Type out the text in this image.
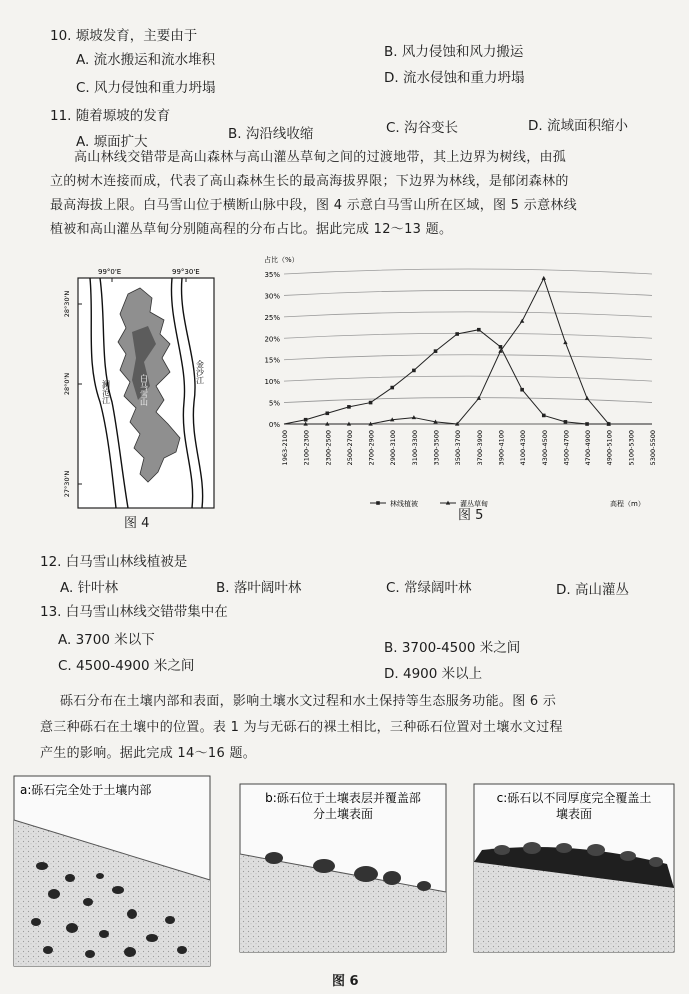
10. 塬坡发育，主要由于
A. 流水搬运和流水堆积	B. 风力侵蚀和风力搬运
C. 风力侵蚀和重力坍塌
D. 流水侵蚀和重力坍塌
11. 随着塬坡的发育
A. 塬面扩大	B. 沟沿线收缩	C. 沟谷变长	D. 流域面积缩小
高山林线交错带是高山森林与高山灌丛草甸之间的过渡地带，其上边界为树线，由孤
立的树木连接而成，代表了高山森林生长的最高海拔界限；下边界为林线，是郁闭森林的
最高海拔上限。白马雪山位于横断山脉中段，图 4 示意白马雪山所在区域，图 5 示意林线
植被和高山灌丛草甸分别随高程的分布占比。据此完成 12～13 题。
99°0'E	99°30'E
28°30'N
28°0'N
27°30'N
澜沧江
金沙江
白马雪山
图 4
0%
5%
10%
15%
20%
25%
30%
35%
占比（%）
1963-2100 2100-2300 2300-2500 2500-2700 2700-2900 2900-3100 3100-3300 3300-3500 3500-3700 3700-3900 3900-4100 4100-4300 4300-4500 4500-4700 4700-4900 4900-5100 5100-5300 5300-5500
林线植被	灌丛草甸	高程（m）
图 5
12. 白马雪山林线植被是
A. 针叶林	B. 落叶阔叶林	C. 常绿阔叶林	D. 高山灌丛
13. 白马雪山林线交错带集中在
A. 3700 米以下	B. 3700-4500 米之间
C. 4500-4900 米之间	D. 4900 米以上
砾石分布在土壤内部和表面，影响土壤水文过程和水土保持等生态服务功能。图 6 示
意三种砾石在土壤中的位置。表 1 为与无砾石的裸土相比，三种砾石位置对土壤水文过程
产生的影响。据此完成 14～16 题。
a:砾石完全处于土壤内部
b:砾石位于土壤表层并覆盖部
分土壤表面
c:砾石以不同厚度完全覆盖土
壤表面
图 6
